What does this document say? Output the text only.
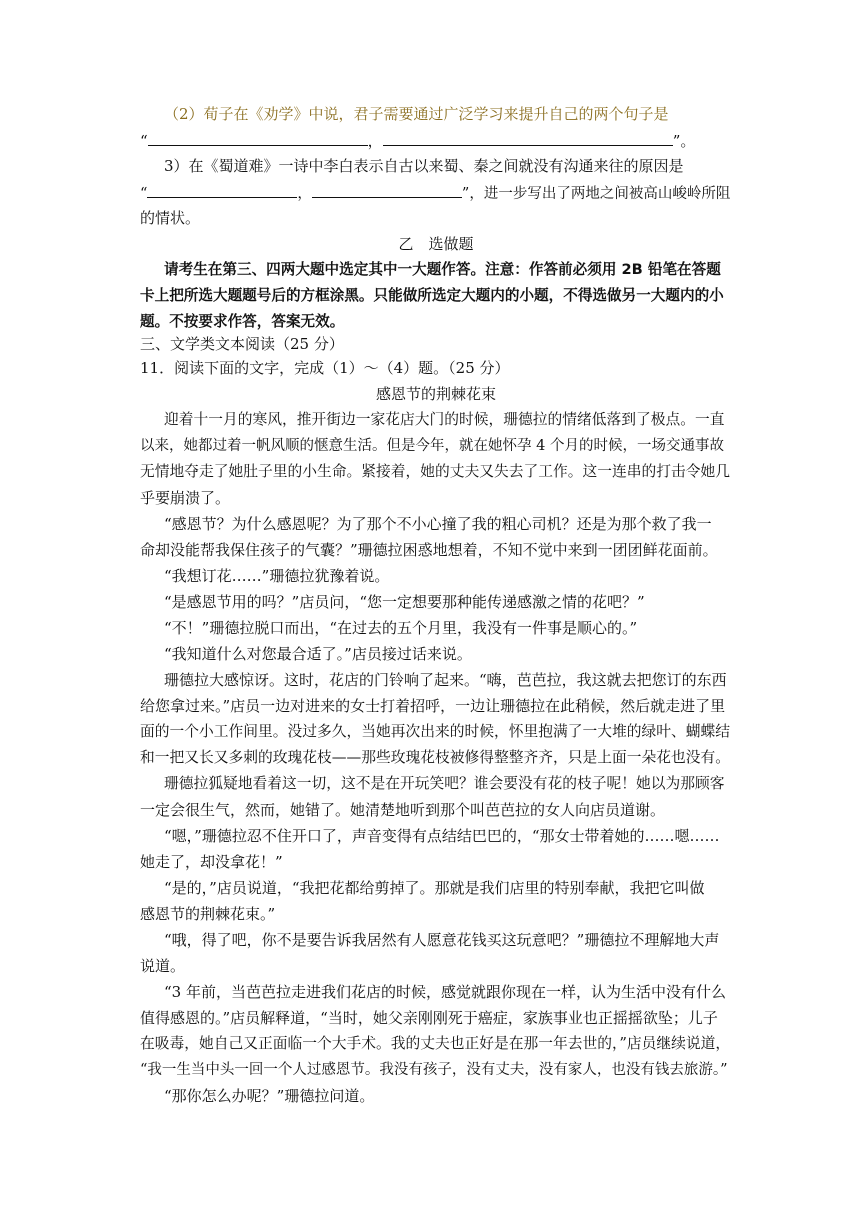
（2）荀子在《劝学》中说，君子需要通过广泛学习来提升自己的两个句子是
“	，	”。
3）在《蜀道难》一诗中李白表示自古以来蜀、秦之间就没有沟通来往的原因是
“	，	”，进一步写出了两地之间被高山峻岭所阻
的情状。
乙　选做题
请考生在第三、四两大题中选定其中一大题作答。注意：作答前必须用 2B 铅笔在答题
卡上把所选大题题号后的方框涂黑。只能做所选定大题内的小题，不得选做另一大题内的小
题。不按要求作答，答案无效。
三、文学类文本阅读（25 分）
11．阅读下面的文字，完成（1）～（4）题。（25 分）
感恩节的荆棘花束
迎着十一月的寒风，推开街边一家花店大门的时候，珊德拉的情绪低落到了极点。一直
以来，她都过着一帆风顺的惬意生活。但是今年，就在她怀孕 4 个月的时候，一场交通事故
无情地夺走了她肚子里的小生命。紧接着，她的丈夫又失去了工作。这一连串的打击令她几
乎要崩溃了。
“感恩节？为什么感恩呢？为了那个不小心撞了我的粗心司机？还是为那个救了我一
命却没能帮我保住孩子的气囊？”珊德拉困惑地想着，不知不觉中来到一团团鲜花面前。
“我想订花……”珊德拉犹豫着说。
“是感恩节用的吗？”店员问，“您一定想要那种能传递感激之情的花吧？”
“不！”珊德拉脱口而出，“在过去的五个月里，我没有一件事是顺心的。”
“我知道什么对您最合适了。”店员接过话来说。
珊德拉大感惊讶。这时，花店的门铃响了起来。“嗨，芭芭拉，我这就去把您订的东西
给您拿过来。”店员一边对进来的女士打着招呼，一边让珊德拉在此稍候，然后就走进了里
面的一个小工作间里。没过多久，当她再次出来的时候，怀里抱满了一大堆的绿叶、蝴蝶结
和一把又长又多刺的玫瑰花枝——那些玫瑰花枝被修得整整齐齐，只是上面一朵花也没有。
珊德拉狐疑地看着这一切，这不是在开玩笑吧？谁会要没有花的枝子呢！她以为那顾客
一定会很生气，然而，她错了。她清楚地听到那个叫芭芭拉的女人向店员道谢。
“嗯，”珊德拉忍不住开口了，声音变得有点结结巴巴的，“那女士带着她的……嗯……
她走了，却没拿花！”
“是的，”店员说道，“我把花都给剪掉了。那就是我们店里的特别奉献，我把它叫做
感恩节的荆棘花束。”
“哦，得了吧，你不是要告诉我居然有人愿意花钱买这玩意吧？”珊德拉不理解地大声
说道。
“3 年前，当芭芭拉走进我们花店的时候，感觉就跟你现在一样，认为生活中没有什么
值得感恩的。”店员解释道，“当时，她父亲刚刚死于癌症，家族事业也正摇摇欲坠；儿子
在吸毒，她自己又正面临一个大手术。我的丈夫也正好是在那一年去世的，”店员继续说道，
“我一生当中头一回一个人过感恩节。我没有孩子，没有丈夫，没有家人，也没有钱去旅游。”
“那你怎么办呢？”珊德拉问道。
